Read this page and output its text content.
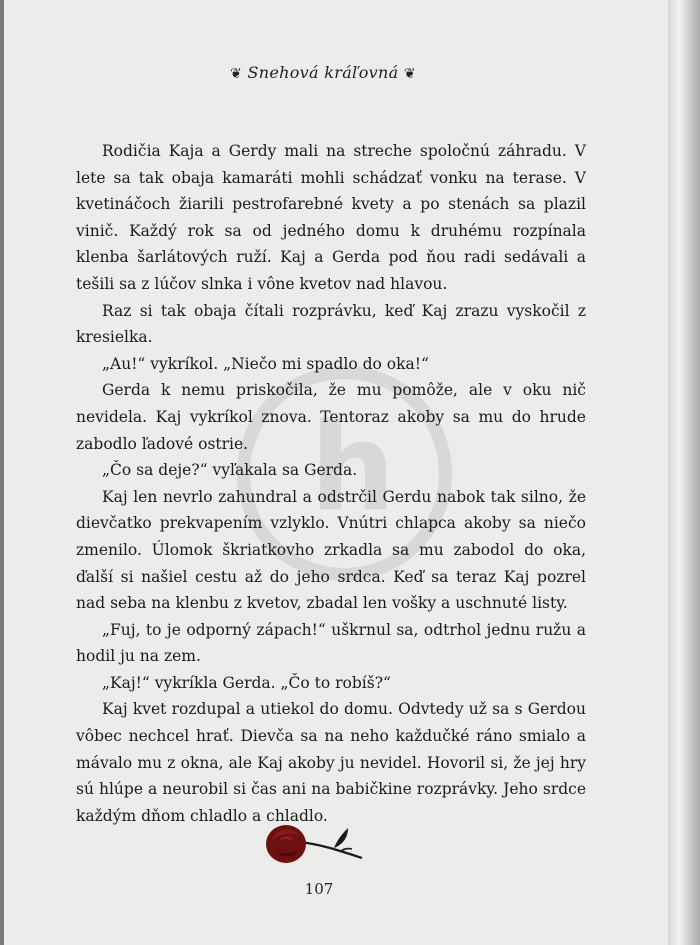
❦ Snehová kráľovná ❦
h

Rodičia Kaja a Gerdy mali na streche spoločnú záhradu. V lete sa tak obaja kamaráti mohli schádzať vonku na terase. V kvetináčoch žiarili pestrofarebné kvety a po stenách sa plazil vinič. Každý rok sa od jedného domu k druhému rozpínala klenba šarlátových ruží. Kaj a Gerda pod ňou radi sedávali a tešili sa z lúčov slnka i vône kvetov nad hlavou.

Raz si tak obaja čítali rozprávku, keď Kaj zrazu vyskočil z kresielka.

„Au!“ vykríkol. „Niečo mi spadlo do oka!“

Gerda k nemu priskočila, že mu pomôže, ale v oku nič nevidela. Kaj vykríkol znova. Tentoraz akoby sa mu do hrude zabodlo ľadové ostrie.

„Čo sa deje?“ vyľakala sa Gerda.

Kaj len nevrlo zahundral a odstrčil Gerdu nabok tak silno, že dievčatko prekvapením vzlyklo. Vnútri chlapca akoby sa niečo zmenilo. Úlomok škriatkovho zrkadla sa mu zabodol do oka, ďalší si našiel cestu až do jeho srdca. Keď sa teraz Kaj pozrel nad seba na klenbu z kvetov, zbadal len vošky a uschnuté listy.

„Fuj, to je odporný zápach!“ uškrnul sa, odtrhol jednu ružu a hodil ju na zem.

„Kaj!“ vykríkla Gerda. „Čo to robíš?“

Kaj kvet rozdupal a utiekol do domu. Odvtedy už sa s Gerdou vôbec nechcel hrať. Dievča sa na neho každučké ráno smialo a mávalo mu z okna, ale Kaj akoby ju nevidel. Hovoril si, že jej hry sú hlúpe a neurobil si čas ani na babičkine rozprávky. Jeho srdce každým dňom chladlo a chladlo.

107
